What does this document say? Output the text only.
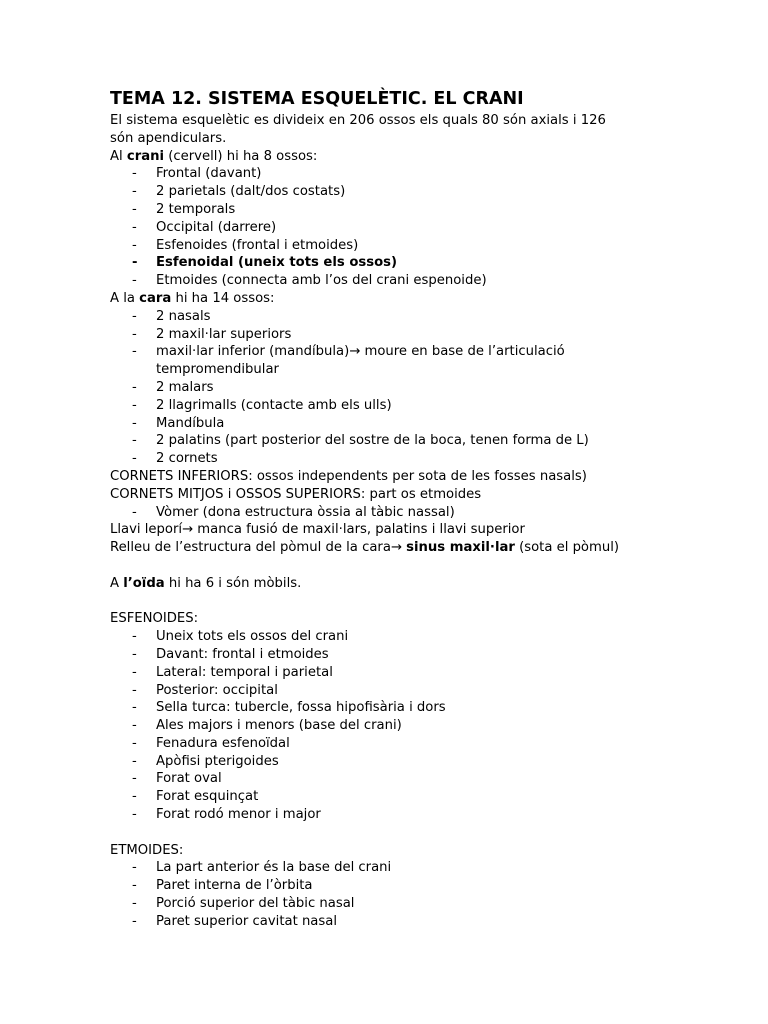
TEMA 12. SISTEMA ESQUELÈTIC. EL CRANI
El sistema esquelètic es divideix en 206 ossos els quals 80 són axials i 126 són apendiculars.
Al crani (cervell) hi ha 8 ossos:
- Frontal (davant)
- 2 parietals (dalt/dos costats)
- 2 temporals
- Occipital (darrere)
- Esfenoides (frontal i etmoides)
- Esfenoidal (uneix tots els ossos)
- Etmoides (connecta amb l’os del crani espenoide)
A la cara hi ha 14 ossos:
- 2 nasals
- 2 maxil·lar superiors
- maxil·lar inferior (mandíbula)→ moure en base de l’articulació
tempromendibular
- 2 malars
- 2 llagrimalls (contacte amb els ulls)
- Mandíbula
- 2 palatins (part posterior del sostre de la boca, tenen forma de L)
- 2 cornets
CORNETS INFERIORS: ossos independents per sota de les fosses nasals)
CORNETS MITJOS i OSSOS SUPERIORS: part os etmoides
- Vòmer (dona estructura òssia al tàbic nassal)
Llavi leporí→ manca fusió de maxil·lars, palatins i llavi superior
Relleu de l’estructura del pòmul de la cara→ sinus maxil·lar (sota el pòmul)
A l’oïda hi ha 6 i són mòbils.
ESFENOIDES:
- Uneix tots els ossos del crani
- Davant: frontal i etmoides
- Lateral: temporal i parietal
- Posterior: occipital
- Sella turca: tubercle, fossa hipofisària i dors
- Ales majors i menors (base del crani)
- Fenadura esfenoïdal
- Apòfisi pterigoides
- Forat oval
- Forat esquinçat
- Forat rodó menor i major
ETMOIDES:
- La part anterior és la base del crani
- Paret interna de l’òrbita
- Porció superior del tàbic nasal
- Paret superior cavitat nasal
